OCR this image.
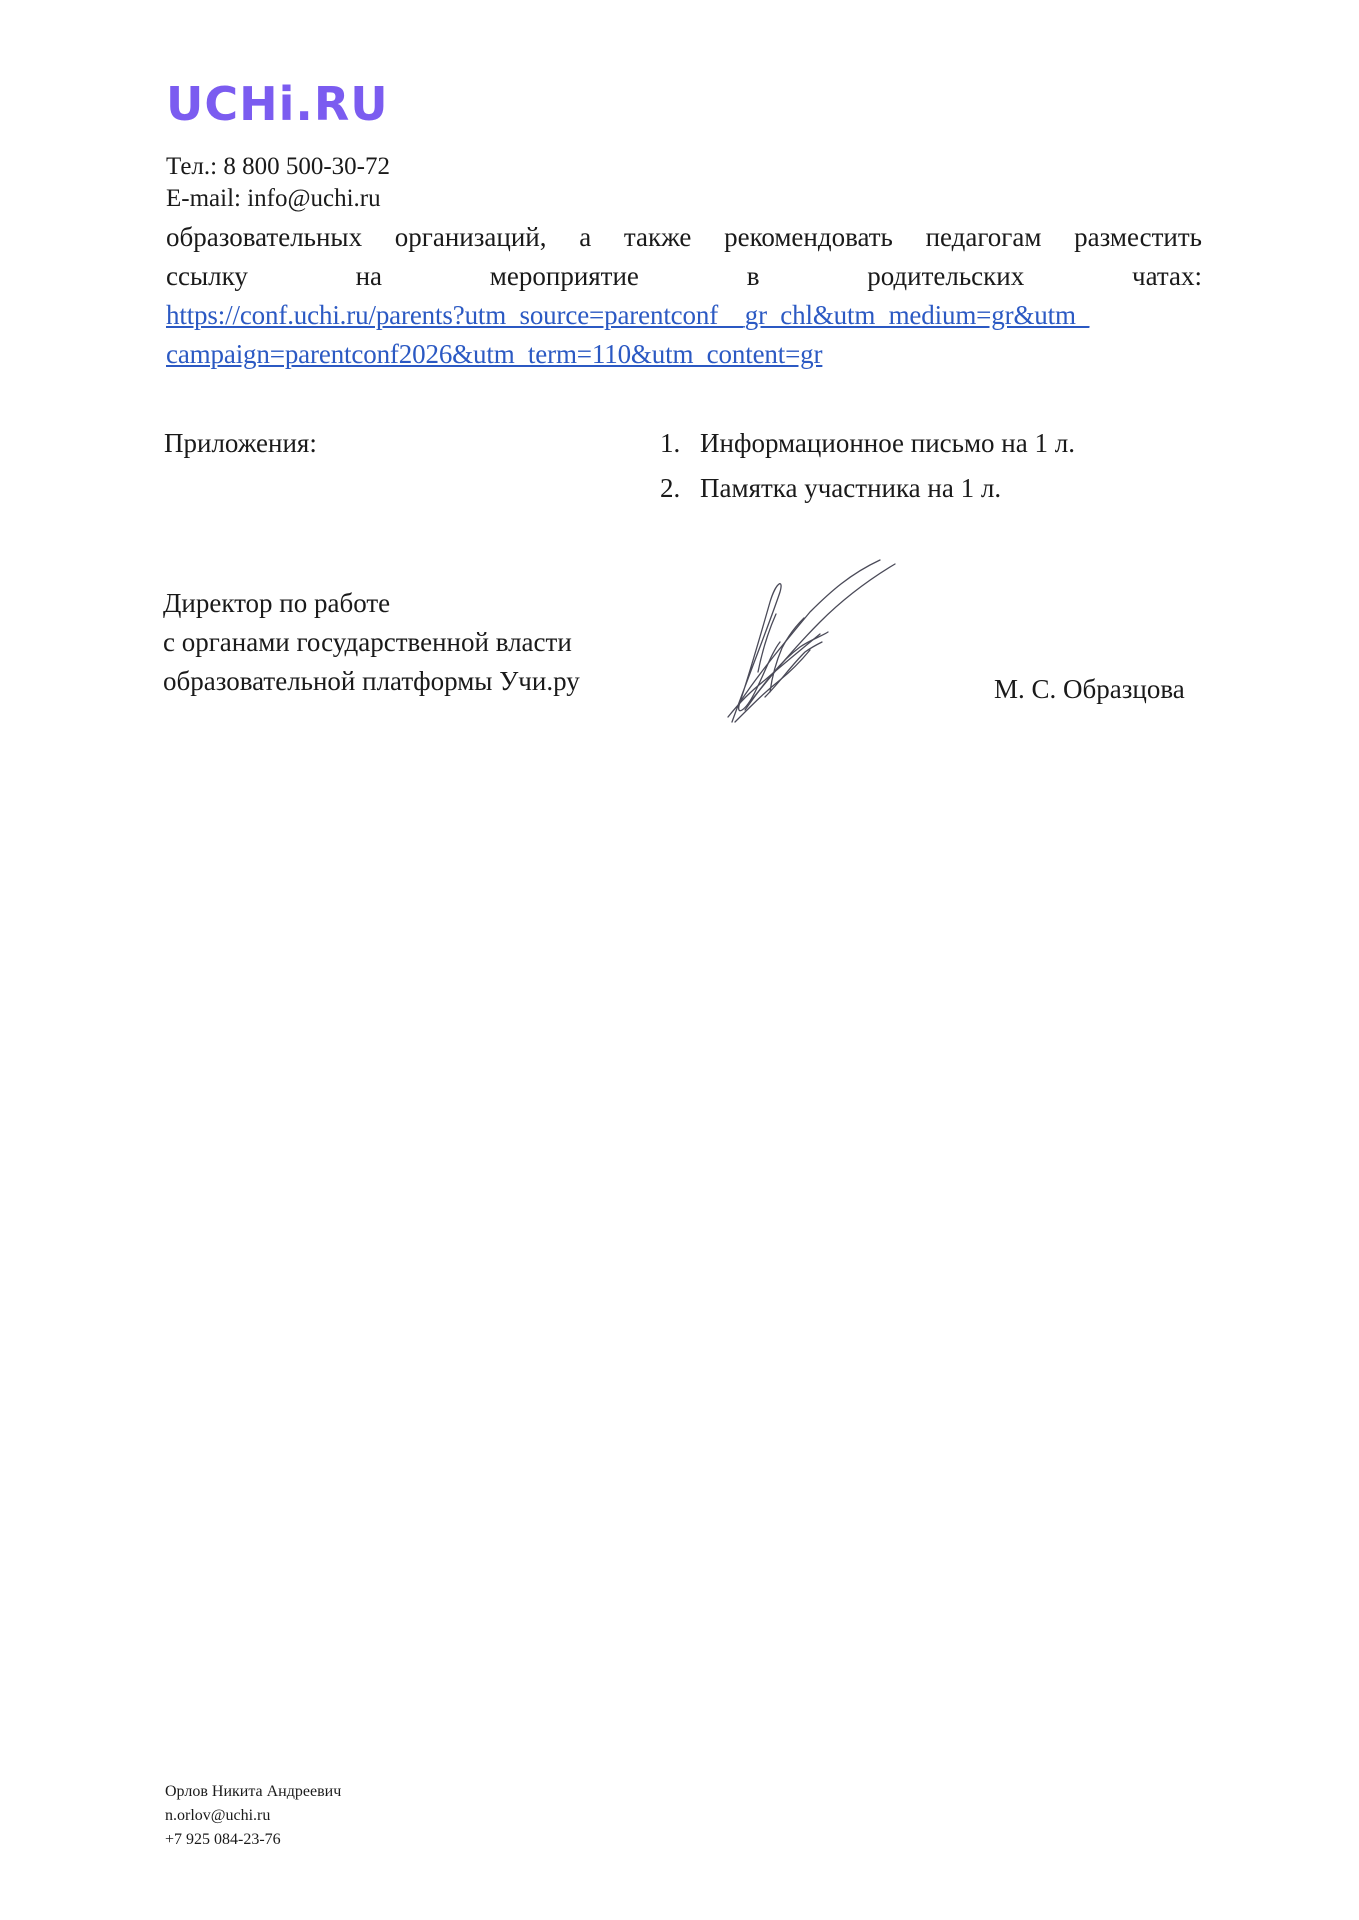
UCHi.RU
Тел.: 8 800 500-30-72
E-mail: info@uchi.ru
образовательных организаций, а также рекомендовать педагогам разместить
ссылку	на	мероприятие	в	родительских	чатах:
https://conf.uchi.ru/parents?utm_source=parentconf__gr_chl&utm_medium=gr&utm_
campaign=parentconf2026&utm_term=110&utm_content=gr
Приложения:	1. Информационное письмо на 1 л.
2. Памятка участника на 1 л.
Директор по работе
с органами государственной власти
образовательной платформы Учи.ру	М. С. Образцова
Орлов Никита Андреевич
n.orlov@uchi.ru
+7 925 084-23-76
